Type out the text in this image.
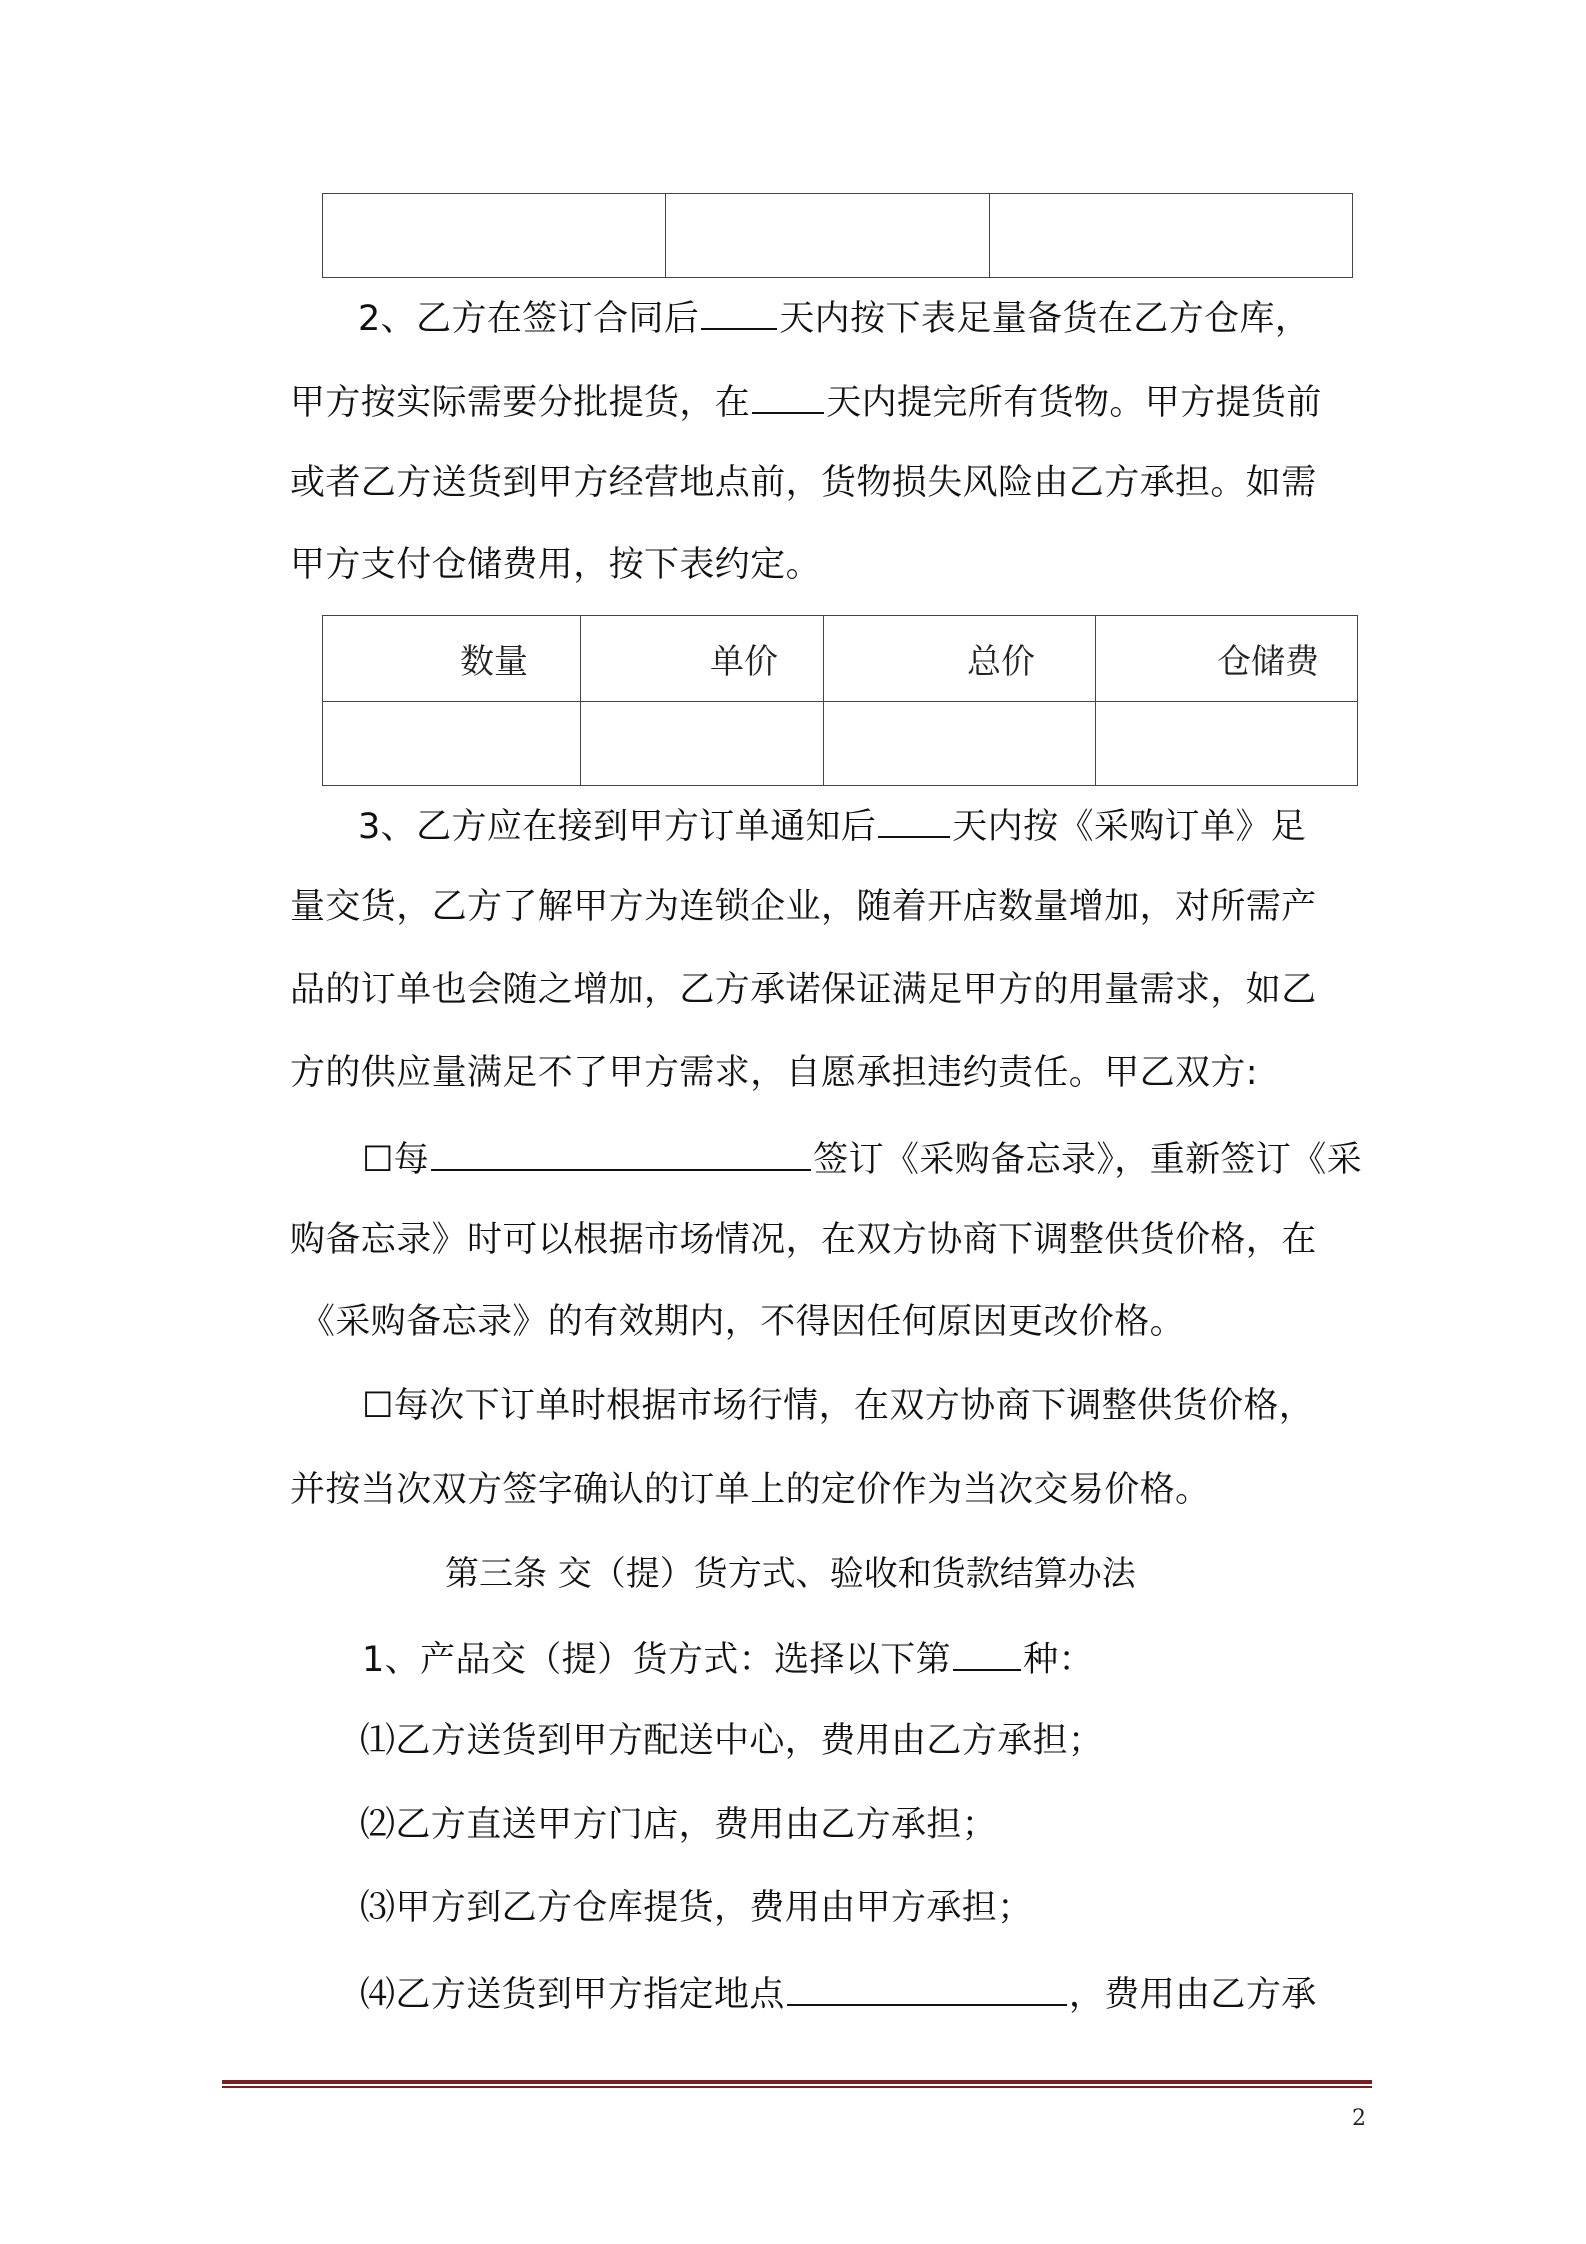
2、乙方在签订合同后 天内按下表足量备货在乙方仓库，
甲方按实际需要分批提货，在 天内提完所有货物。甲方提货前
或者乙方送货到甲方经营地点前，货物损失风险由乙方承担。如需
甲方支付仓储费用，按下表约定。
数量	单价	总价	仓储费

3、乙方应在接到甲方订单通知后 天内按《采购订单》足
量交货，乙方了解甲方为连锁企业，随着开店数量增加，对所需产
品的订单也会随之增加，乙方承诺保证满足甲方的用量需求，如乙
方的供应量满足不了甲方需求，自愿承担违约责任。甲乙双方:
☐每	签订《采购备忘录》，重新签订《采
购备忘录》时可以根据市场情况，在双方协商下调整供货价格，在
《采购备忘录》的有效期内，不得因任何原因更改价格。
☐每次下订单时根据市场行情，在双方协商下调整供货价格，
并按当次双方签字确认的订单上的定价作为当次交易价格。
第三条 交（提）货方式、验收和货款结算办法
1、产品交（提）货方式：选择以下第 种：
⑴乙方送货到甲方配送中心，费用由乙方承担；
⑵乙方直送甲方门店，费用由乙方承担；
⑶甲方到乙方仓库提货，费用由甲方承担；
⑷乙方送货到甲方指定地点	，费用由乙方承
2
